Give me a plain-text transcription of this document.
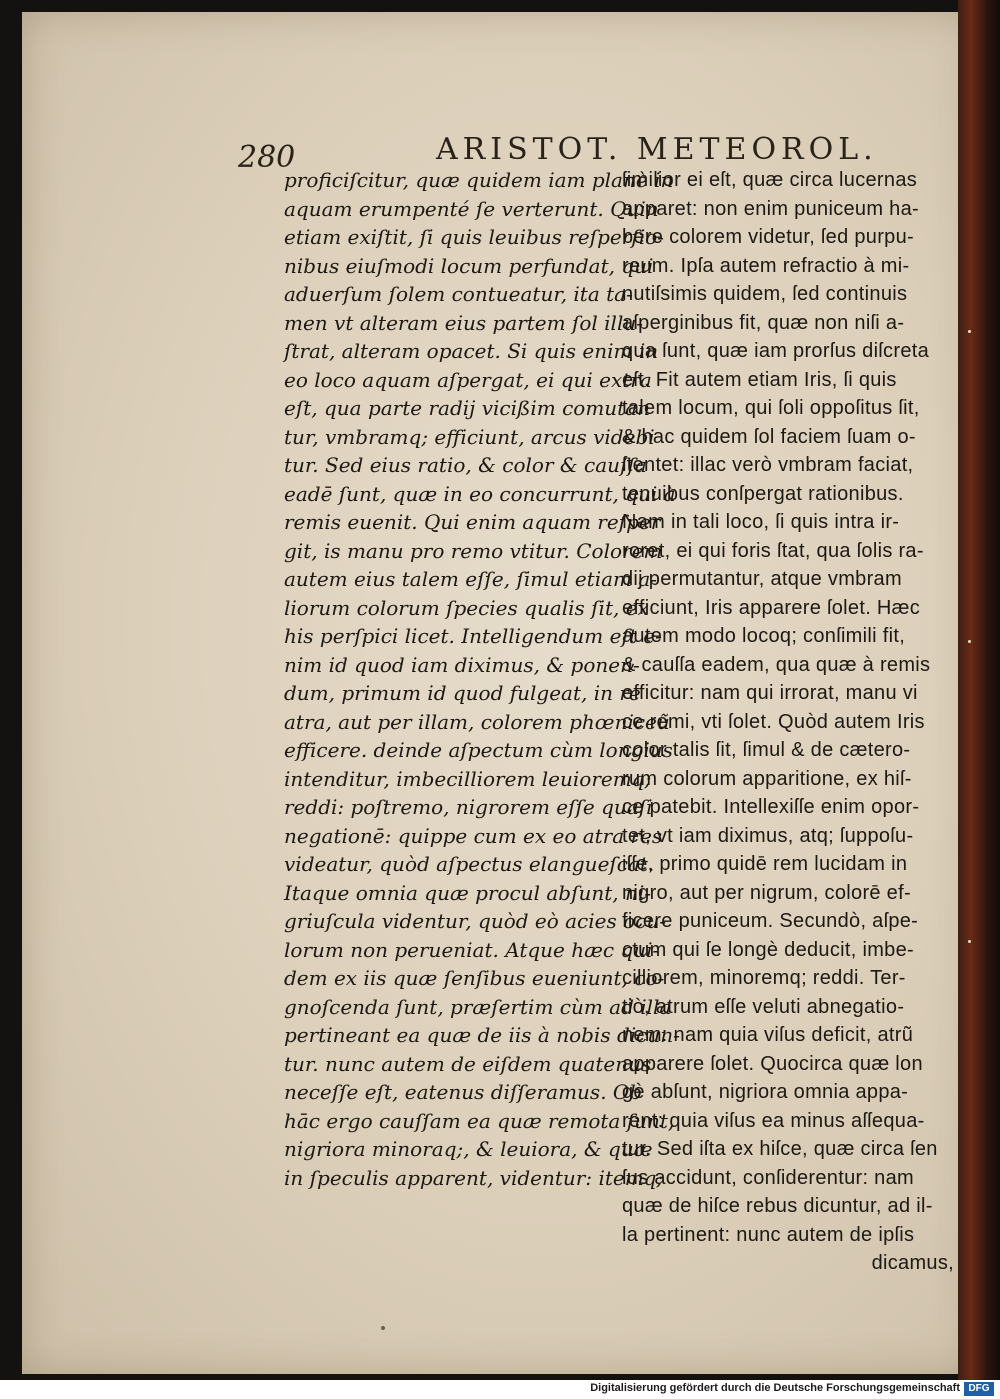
280	ARISTOT. METEOROL.
proficiſcitur, quæ quidem iam planè in
aquam erumpenté ſe verterunt. Quin
etiam exiſtit, ſi quis leuibus reſperſio-
nibus eiuſmodi locum perfundat, qui
aduerſum ſolem contueatur, ita ta-
men vt alteram eius partem ſol illu-
ſtrat, alteram opacet. Si quis enim in
eo loco aquam aſpergat, ei qui extra
eſt, qua parte radij vicißim comutan
tur, vmbramq; efficiunt, arcus videbi
tur. Sed eius ratio, & color & cauſſa
eadē ſunt, quæ in eo concurrunt, qui à
remis euenit. Qui enim aquam reſper
git, is manu pro remo vtitur. Colorem
autem eius talem eſſe, ſimul etiam a-
liorum colorum ſpecies qualis ſit, ex
his perſpici licet. Intelligendum eſt e-
nim id quod iam diximus, & ponen-
dum, primum id quod fulgeat, in re
atra, aut per illam, colorem phœniceũ
efficere. deinde aſpectum cùm longius
intenditur, imbecilliorem leuioremq;
reddi: poſtremo, nigrorem eſſe quaſi
negationē: quippe cum ex eo atra res
videatur, quòd aſpectus elangueſcat.
Itaque omnia quæ procul abſunt, ni-
griuſcula videntur, quòd eò acies ocu-
lorum non perueniat. Atque hæc qui-
dem ex iis quæ ſenſibus eueniunt, co-
gnoſcenda ſunt, præſertim cùm ad illa
pertineant ea quæ de iis à nobis dicun-
tur. nunc autem de eiſdem quatenus
neceſſe eſt, eatenus diſſeramus. Ob
hāc ergo cauſſam ea quæ remota ſunt,
nigriora minoraq;, & leuiora, & quæ
in ſpeculis apparent, videntur: itemq;
ſimilior ei eſt, quæ circa lucernas
apparet: non enim puniceum ha-
bere colorem videtur, ſed purpu-
reum. Ipſa autem refractio à mi-
nutiſsimis quidem, ſed continuis
aſperginibus fit, quæ non niſi a-
qua ſunt, quæ iam prorſus diſcreta
eſt. Fit autem etiam Iris, ſi quis
talem locum, qui ſoli oppoſitus ſit,
& hac quidem ſol faciem ſuam o-
ſtentet: illac verò vmbram faciat,
tenuibus conſpergat rationibus.
Nam in tali loco, ſi quis intra ir-
roret, ei qui foris ſtat, qua ſolis ra-
dij permutantur, atque vmbram
efficiunt, Iris apparere ſolet. Hæc
autem modo locoq; conſimili fit,
& cauſſa eadem, qua quæ à remis
efficitur: nam qui irrorat, manu vi
ce remi, vti ſolet. Quòd autem Iris
color talis ſit, ſimul & de cætero-
rum colorum apparitione, ex hiſ-
ce patebit. Intellexiſſe enim opor-
tet, vt iam diximus, atq; ſuppoſu-
iſſe, primo quidē rem lucidam in
nigro, aut per nigrum, colorē ef-
ficere puniceum. Secundò, aſpe-
ctum qui ſe longè deducit, imbe-
cilliorem, minoremq; reddi. Ter-
tiò, atrum eſſe veluti abnegatio-
nem: nam quia viſus deficit, atrũ
apparere ſolet. Quocirca quæ lon
gè abſunt, nigriora omnia appa-
rent: quia viſus ea minus aſſequa-
tur. Sed iſta ex hiſce, quæ circa ſen
ſus accidunt, conſiderentur: nam
quæ de hiſce rebus dicuntur, ad il-
la pertinent: nunc autem de ipſis
dicamus,
Digitalisierung gefördert durch die Deutsche Forschungsgemeinschaft DFG
